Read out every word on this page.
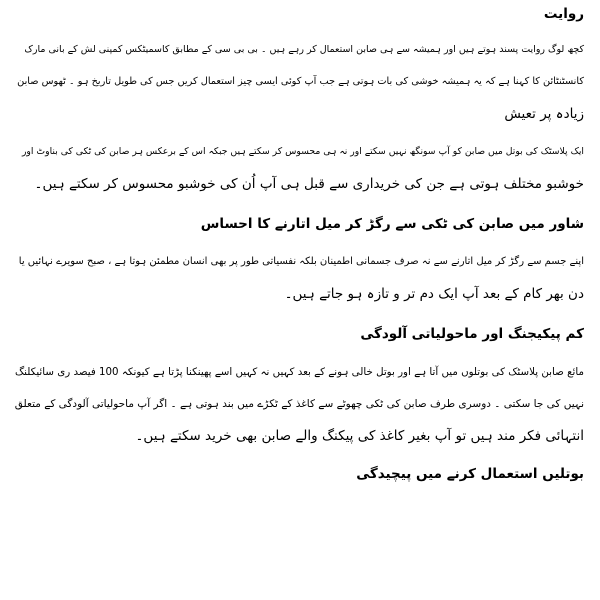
روایت
کچھ لوگ روایت پسند ہوتے ہیں اور ہمیشہ سے ہی صابن استعمال کر رہے ہیں ۔ بی بی سی کے مطابق کاسمیٹکس کمپنی لش کے بانی مارک
کانسٹنٹائن کا کہنا ہے کہ یہ ہمیشہ خوشی کی بات ہوتی ہے جب آپ کوئی ایسی چیز استعمال کریں جس کی طویل تاریخ ہو ۔ ٹھوس صابن
زیادہ پر تعیش
ایک پلاسٹک کی بوتل میں صابن کو آپ سونگھ نہیں سکتے اور نہ ہی محسوس کر سکتے ہیں جبکہ اس کے برعکس ہر صابن کی ٹکی کی بناوٹ اور
خوشبو مختلف ہوتی ہے جن کی خریداری سے قبل ہی آپ اُن کی خوشبو محسوس کر سکتے ہیں۔
شاور میں صابن کی ٹکی سے رگڑ کر میل اتارنے کا احساس
اپنے جسم سے رگڑ کر میل اتارنے سے نہ صرف جسمانی اطمینان بلکہ نفسیاتی طور پر بھی انسان مطمئن ہوتا ہے ، صبح سویرے نہائیں یا
دن بھر کام کے بعد آپ ایک دم تر و تازہ ہو جاتے ہیں۔
کم پیکیجنگ اور ماحولیاتی آلودگی
مائع صابن پلاسٹک کی بوتلوں میں آتا ہے اور بوتل خالی ہونے کے بعد کہیں نہ کہیں اسے پھینکنا پڑتا ہے کیونکہ 100 فیصد ری سائیکلنگ
نہیں کی جا سکتی ۔ دوسری طرف صابن کی ٹکی چھوٹے سے کاغذ کے ٹکڑے میں بند ہوتی ہے ۔ اگر آپ ماحولیاتی آلودگی کے متعلق
انتہائی فکر مند ہیں تو آپ بغیر کاغذ کی پیکنگ والے صابن بھی خرید سکتے ہیں۔
بوتلیں استعمال کرنے میں پیچیدگی
